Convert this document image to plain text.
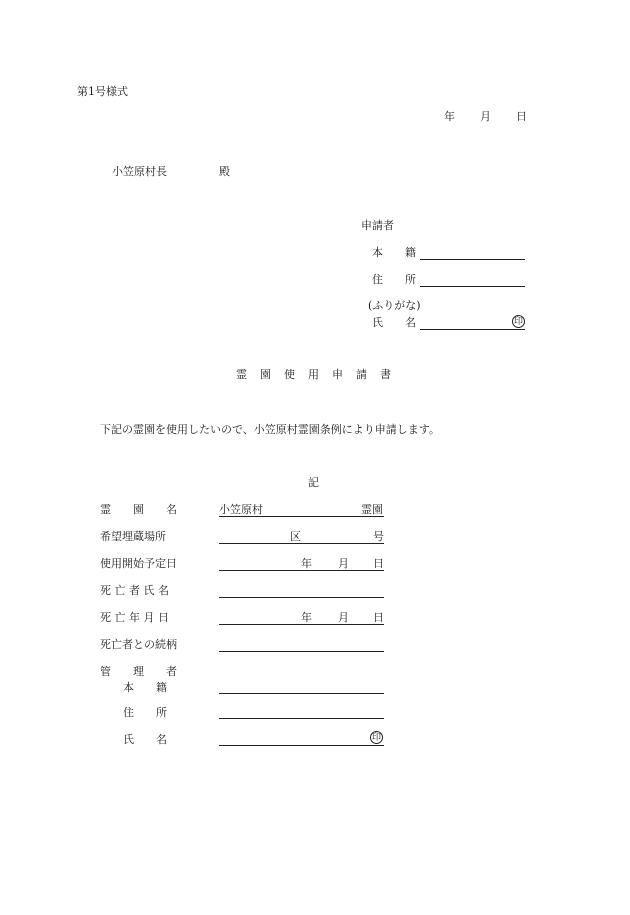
第1号様式
年 月 日
小笠原村長	殿
申請者
本　　籍
住　　所
(ふりがな)
氏　　名	印
霊　園　使　用　申　請　書
下記の霊園を使用したいので、小笠原村霊園条例により申請します。
記
霊　　園　　名	小笠原村	霊園
希望埋蔵場所	区	号
使用開始予定日	年 月 日
死 亡 者 氏 名
死 亡 年 月 日	年 月 日
死亡者との続柄
管　　理　　者
本　　籍
住　　所
氏　　名	印
